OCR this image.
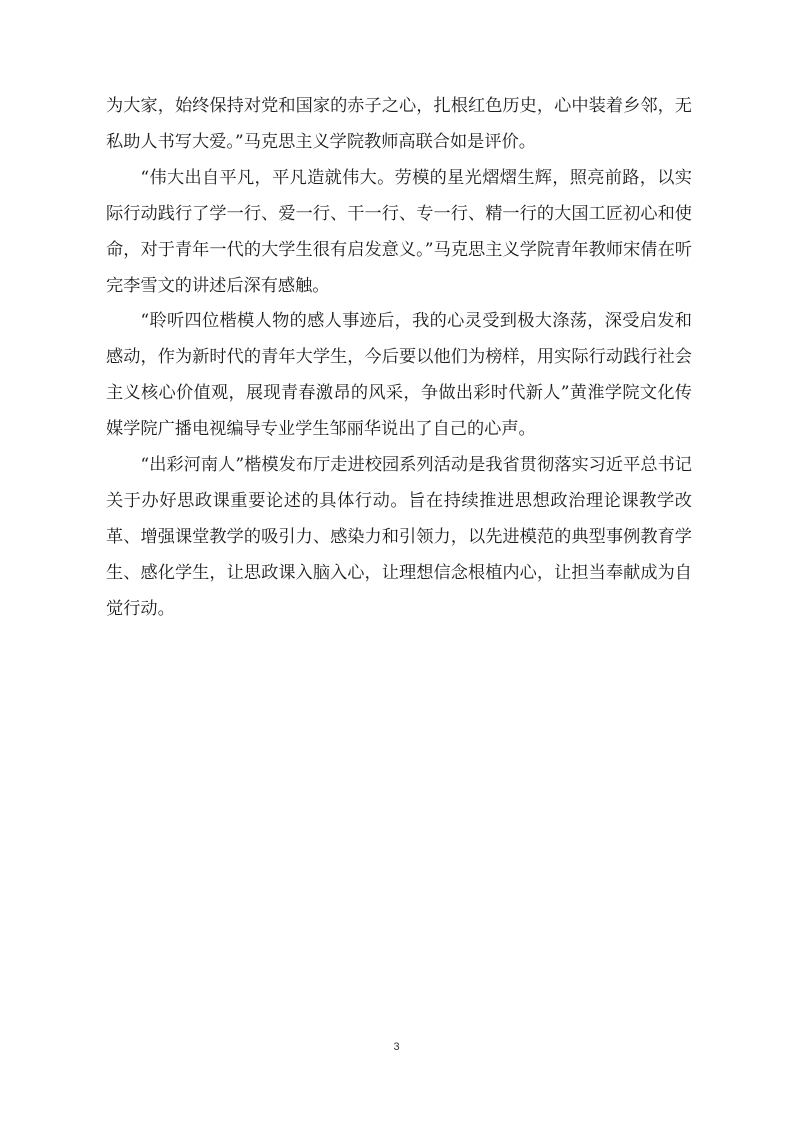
为大家，始终保持对党和国家的赤子之心，扎根红色历史，心中装着乡邻，无私助人书写大爱。”马克思主义学院教师高联合如是评价。

“伟大出自平凡，平凡造就伟大。劳模的星光熠熠生辉，照亮前路，以实际行动践行了学一行、爱一行、干一行、专一行、精一行的大国工匠初心和使命，对于青年一代的大学生很有启发意义。”马克思主义学院青年教师宋倩在听完李雪文的讲述后深有感触。

“聆听四位楷模人物的感人事迹后，我的心灵受到极大涤荡，深受启发和感动，作为新时代的青年大学生，今后要以他们为榜样，用实际行动践行社会主义核心价值观，展现青春激昂的风采，争做出彩时代新人”黄淮学院文化传媒学院广播电视编导专业学生邹丽华说出了自己的心声。

“出彩河南人”楷模发布厅走进校园系列活动是我省贯彻落实习近平总书记关于办好思政课重要论述的具体行动。旨在持续推进思想政治理论课教学改革、增强课堂教学的吸引力、感染力和引领力，以先进模范的典型事例教育学生、感化学生，让思政课入脑入心，让理想信念根植内心，让担当奉献成为自觉行动。

3
